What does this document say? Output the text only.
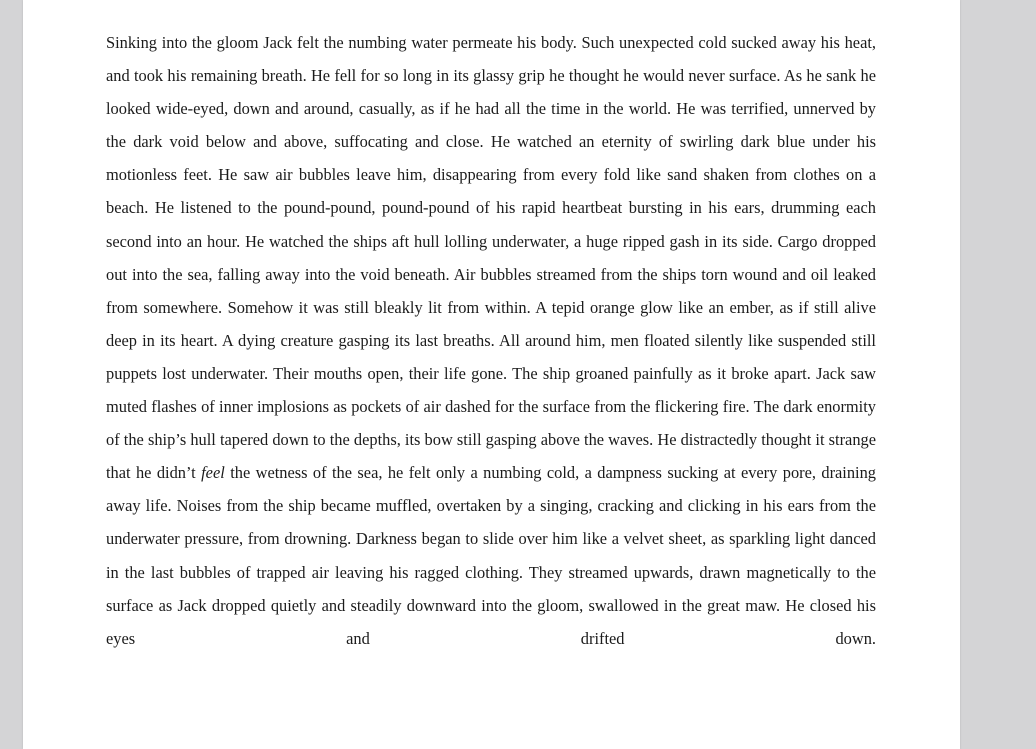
Sinking into the gloom Jack felt the numbing water permeate his body. Such unexpected cold sucked away his heat, and took his remaining breath. He fell for so long in its glassy grip he thought he would never surface. As he sank he looked wide-eyed, down and around, casually, as if he had all the time in the world. He was terrified, unnerved by the dark void below and above, suffocating and close. He watched an eternity of swirling dark blue under his motionless feet. He saw air bubbles leave him, disappearing from every fold like sand shaken from clothes on a beach. He listened to the pound-pound, pound-pound of his rapid heartbeat bursting in his ears, drumming each second into an hour. He watched the ships aft hull lolling underwater, a huge ripped gash in its side. Cargo dropped out into the sea, falling away into the void beneath. Air bubbles streamed from the ships torn wound and oil leaked from somewhere. Somehow it was still bleakly lit from within. A tepid orange glow like an ember, as if still alive deep in its heart. A dying creature gasping its last breaths. All around him, men floated silently like suspended still puppets lost underwater. Their mouths open, their life gone. The ship groaned painfully as it broke apart. Jack saw muted flashes of inner implosions as pockets of air dashed for the surface from the flickering fire. The dark enormity of the ship’s hull tapered down to the depths, its bow still gasping above the waves. He distractedly thought it strange that he didn’t feel the wetness of the sea, he felt only a numbing cold, a dampness sucking at every pore, draining away life. Noises from the ship became muffled, overtaken by a singing, cracking and clicking in his ears from the underwater pressure, from drowning. Darkness began to slide over him like a velvet sheet, as sparkling light danced in the last bubbles of trapped air leaving his ragged clothing. They streamed upwards, drawn magnetically to the surface as Jack dropped quietly and steadily downward into the gloom, swallowed in the great maw. He closed his eyes and drifted down.
